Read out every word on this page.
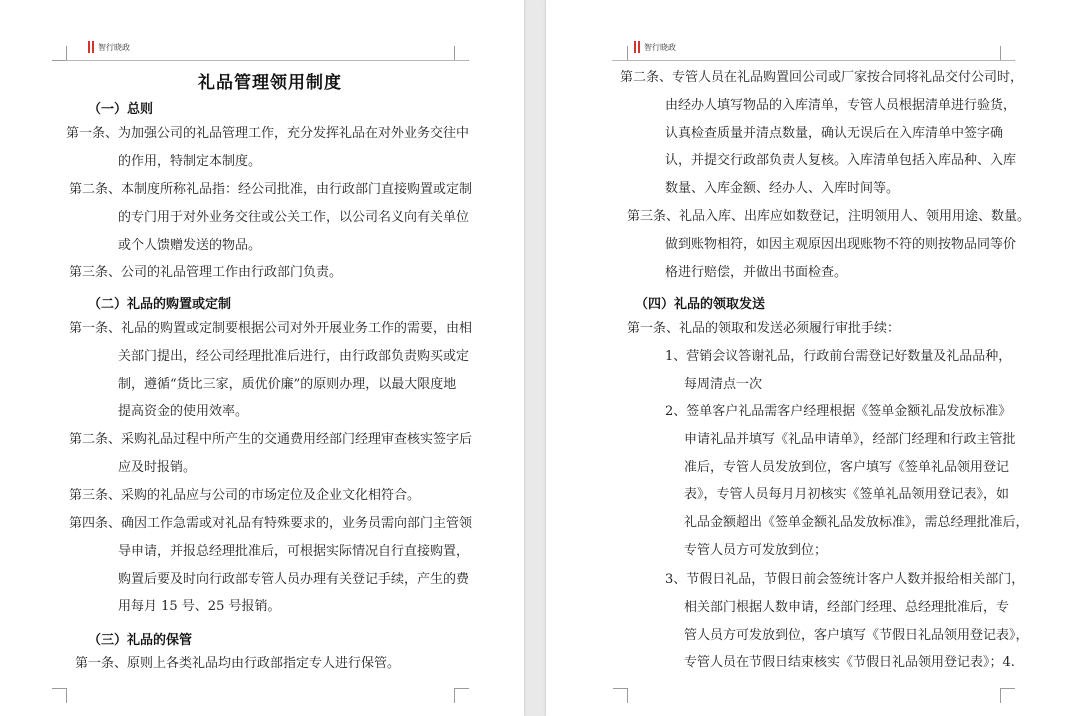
智行晓政
礼品管理领用制度
（一）总则
第一条、为加强公司的礼品管理工作，充分发挥礼品在对外业务交往中
的作用，特制定本制度。
第二条、本制度所称礼品指：经公司批准，由行政部门直接购置或定制
的专门用于对外业务交往或公关工作，以公司名义向有关单位
或个人馈赠发送的物品。
第三条、公司的礼品管理工作由行政部门负责。
（二）礼品的购置或定制
第一条、礼品的购置或定制要根据公司对外开展业务工作的需要，由相
关部门提出，经公司经理批准后进行，由行政部负责购买或定
制，遵循“货比三家，质优价廉”的原则办理，以最大限度地
提高资金的使用效率。
第二条、采购礼品过程中所产生的交通费用经部门经理审查核实签字后
应及时报销。
第三条、采购的礼品应与公司的市场定位及企业文化相符合。
第四条、确因工作急需或对礼品有特殊要求的，业务员需向部门主管领
导申请，并报总经理批准后，可根据实际情况自行直接购置，
购置后要及时向行政部专管人员办理有关登记手续，产生的费
用每月 15 号、25 号报销。
（三）礼品的保管
第一条、原则上各类礼品均由行政部指定专人进行保管。
智行晓政
第二条、专管人员在礼品购置回公司或厂家按合同将礼品交付公司时，
由经办人填写物品的入库清单，专管人员根据清单进行验货，
认真检查质量并清点数量，确认无误后在入库清单中签字确
认，并提交行政部负责人复核。入库清单包括入库品种、入库
数量、入库金额、经办人、入库时间等。
第三条、礼品入库、出库应如数登记，注明领用人、领用用途、数量。
做到账物相符，如因主观原因出现账物不符的则按物品同等价
格进行赔偿，并做出书面检查。
（四）礼品的领取发送
第一条、礼品的领取和发送必须履行审批手续：
1、营销会议答谢礼品，行政前台需登记好数量及礼品品种，
每周清点一次
2、签单客户礼品需客户经理根据《签单金额礼品发放标准》
申请礼品并填写《礼品申请单》，经部门经理和行政主管批
准后，专管人员发放到位，客户填写《签单礼品领用登记
表》，专管人员每月月初核实《签单礼品领用登记表》，如
礼品金额超出《签单金额礼品发放标准》，需总经理批准后，
专管人员方可发放到位；
3、节假日礼品，节假日前会签统计客户人数并报给相关部门，
相关部门根据人数申请，经部门经理、总经理批准后，专
管人员方可发放到位，客户填写《节假日礼品领用登记表》，
专管人员在节假日结束核实《节假日礼品领用登记表》；4.
